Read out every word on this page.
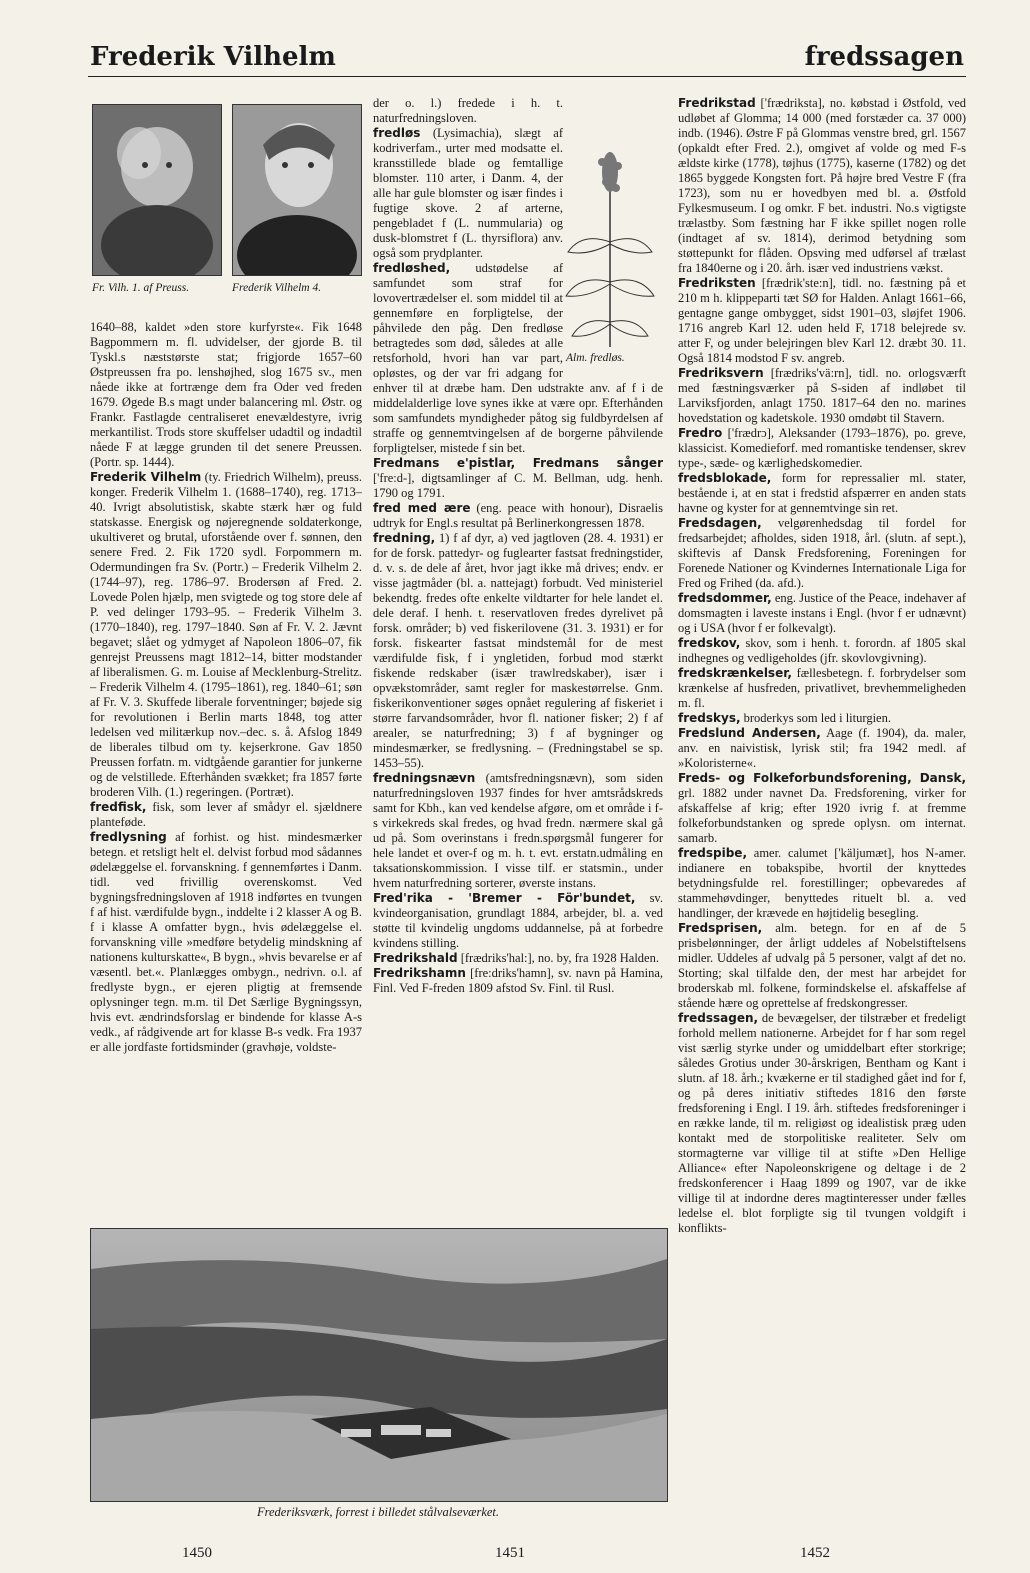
Frederik Vilhelm	fredssagen
Fr. Vilh. 1. af Preuss.	Frederik Vilhelm 4.

1640–88, kaldet »den store kurfyrste«. Fik 1648 Bagpommern m. fl. udvidelser, der gjorde B. til Tyskl.s næststørste stat; frigjorde 1657–60 Østpreussen fra po. lenshøjhed, slog 1675 sv., men nåede ikke at fortrænge dem fra Oder ved freden 1679. Øgede B.s magt under balancering ml. Østr. og Frankr. Fastlagde centraliseret enevældestyre, ivrig merkantilist. Trods store skuffelser udadtil og indadtil nåede F at lægge grunden til det senere Preussen. (Portr. sp. 1444).

Frederik Vilhelm (ty. Friedrich Wilhelm), preuss. konger. Frederik Vilhelm 1. (1688–1740), reg. 1713–40. Ivrigt absolutistisk, skabte stærk hær og fuld statskasse. Energisk og nøjeregnende soldaterkonge, ukultiveret og brutal, uforstående over f. sønnen, den senere Fred. 2. Fik 1720 sydl. Forpommern m. Odermundingen fra Sv. (Portr.) – Frederik Vilhelm 2. (1744–97), reg. 1786–97. Brodersøn af Fred. 2. Lovede Polen hjælp, men svigtede og tog store dele af P. ved delinger 1793–95. – Frederik Vilhelm 3. (1770–1840), reg. 1797–1840. Søn af Fr. V. 2. Jævnt begavet; slået og ydmyget af Napoleon 1806–07, fik genrejst Preussens magt 1812–14, bitter modstander af liberalismen. G. m. Louise af Mecklenburg-Strelitz. – Frederik Vilhelm 4. (1795–1861), reg. 1840–61; søn af Fr. V. 3. Skuffede liberale forventninger; bøjede sig for revolutionen i Berlin marts 1848, tog atter ledelsen ved militærkup nov.–dec. s. å. Afslog 1849 de liberales tilbud om ty. kejserkrone. Gav 1850 Preussen forfatn. m. vidtgående garantier for junkerne og de velstillede. Efterhånden svækket; fra 1857 førte broderen Vilh. (1.) regeringen. (Portræt).

fredfisk, fisk, som lever af smådyr el. sjældnere planteføde.

fredlysning af forhist. og hist. mindesmærker betegn. et retsligt helt el. delvist forbud mod sådannes ødelæggelse el. forvanskning. f gennemførtes i Danm. tidl. ved frivillig overenskomst. Ved bygningsfredningsloven af 1918 indførtes en tvungen f af hist. værdifulde bygn., inddelte i 2 klasser A og B. f i klasse A omfatter bygn., hvis ødelæggelse el. forvanskning ville »medføre betydelig mindskning af nationens kulturskatte«, B bygn., »hvis bevarelse er af væsentl. bet.«. Planlægges ombygn., nedrivn. o.l. af fredlyste bygn., er ejeren pligtig at fremsende oplysninger tegn. m.m. til Det Særlige Bygningssyn, hvis evt. ændrindsforslag er bindende for klasse A-s vedk., af rådgivende art for klasse B-s vedk. Fra 1937 er alle jordfaste fortidsminder (gravhøje, voldste-

der o. l.) fredede i h. t. naturfredningsloven.

fredløs (Lysimachia), slægt af kodriverfam., urter med modsatte el. kransstillede blade og femtallige blomster. 110 arter, i Danm. 4, der alle har gule blomster og især findes i fugtige skove. 2 af arterne, pengebladet f (L. nummularia) og dusk-blomstret f (L. thyrsiflora) anv. også som prydplanter.

fredløshed, udstødelse af samfundet som straf for lovovertrædelser el. som middel til at gennemføre en forpligtelse, der påhvilede den påg. Den fredløse betragtedes som død, således at alle retsforhold, hvori han var part, opløstes, og der var fri adgang for enhver til at dræbe ham. Den udstrakte anv. af f i de middelalderlige love synes ikke at være opr. Efterhånden som samfundets myndigheder påtog sig fuldbyrdelsen af straffe og gennemtvingelsen af de borgerne påhvilende forpligtelser, mistede f sin bet.

Fredmans e'pistlar, Fredmans sånger ['fre:d-], digtsamlinger af C. M. Bellman, udg. henh. 1790 og 1791.

fred med ære (eng. peace with honour), Disraelis udtryk for Engl.s resultat på Berlinerkongressen 1878.

fredning, 1) f af dyr, a) ved jagtloven (28. 4. 1931) er for de forsk. pattedyr- og fuglearter fastsat fredningstider, d. v. s. de dele af året, hvor jagt ikke må drives; endv. er visse jagtmåder (bl. a. nattejagt) forbudt. Ved ministeriel bekendtg. fredes ofte enkelte vildtarter for hele landet el. dele deraf. I henh. t. reservatloven fredes dyrelivet på forsk. områder; b) ved fiskerilovene (31. 3. 1931) er for forsk. fiskearter fastsat mindstemål for de mest værdifulde fisk, f i yngletiden, forbud mod stærkt fiskende redskaber (især trawlredskaber), især i opvækstområder, samt regler for maskestørrelse. Gnm. fiskerikonventioner søges opnået regulering af fiskeriet i større farvandsområder, hvor fl. nationer fisker; 2) f af arealer, se naturfredning; 3) f af bygninger og mindesmærker, se fredlysning. – (Fredningstabel se sp. 1453–55).

fredningsnævn (amtsfredningsnævn), som siden naturfredningsloven 1937 findes for hver amtsrådskreds samt for Kbh., kan ved kendelse afgøre, om et område i f-s virkekreds skal fredes, og hvad fredn. nærmere skal gå ud på. Som overinstans i fredn.spørgsmål fungerer for hele landet et over-f og m. h. t. evt. erstatn.udmåling en taksationskommission. I visse tilf. er statsmin., under hvem naturfredning sorterer, øverste instans.

Fred'rika - 'Bremer - För'bundet, sv. kvindeorganisation, grundlagt 1884, arbejder, bl. a. ved støtte til kvindelig ungdoms uddannelse, på at forbedre kvindens stilling.

Fredrikshald [frædriks'hal:], no. by, fra 1928 Halden.

Fredrikshamn [fre:driks'hamn], sv. navn på Hamina, Finl. Ved F-freden 1809 afstod Sv. Finl. til Rusl.

Alm. fredløs.

Fredrikstad ['frædriksta], no. købstad i Østfold, ved udløbet af Glomma; 14 000 (med forstæder ca. 37 000) indb. (1946). Østre F på Glommas venstre bred, grl. 1567 (opkaldt efter Fred. 2.), omgivet af volde og med F-s ældste kirke (1778), tøjhus (1775), kaserne (1782) og det 1865 byggede Kongsten fort. På højre bred Vestre F (fra 1723), som nu er hovedbyen med bl. a. Østfold Fylkesmuseum. I og omkr. F bet. industri. No.s vigtigste trælastby. Som fæstning har F ikke spillet nogen rolle (indtaget af sv. 1814), derimod betydning som støttepunkt for flåden. Opsving med udførsel af trælast fra 1840erne og i 20. årh. især ved industriens vækst.

Fredriksten [frædrik'ste:n], tidl. no. fæstning på et 210 m h. klippeparti tæt SØ for Halden. Anlagt 1661–66, gentagne gange ombygget, sidst 1901–03, sløjfet 1906. 1716 angreb Karl 12. uden held F, 1718 belejrede sv. atter F, og under belejringen blev Karl 12. dræbt 30. 11. Også 1814 modstod F sv. angreb.

Fredriksvern [frædriks'vä:rn], tidl. no. orlogsværft med fæstningsværker på S-siden af indløbet til Larviksfjorden, anlagt 1750. 1817–64 den no. marines hovedstation og kadetskole. 1930 omdøbt til Stavern.

Fredro ['frædrɔ], Aleksander (1793–1876), po. greve, klassicist. Komedieforf. med romantiske tendenser, skrev type-, sæde- og kærlighedskomedier.

fredsblokade, form for repressalier ml. stater, bestående i, at en stat i fredstid afspærrer en anden stats havne og kyster for at gennemtvinge sin ret.

Fredsdagen, velgørenhedsdag til fordel for fredsarbejdet; afholdes, siden 1918, årl. (slutn. af sept.), skiftevis af Dansk Fredsforening, Foreningen for Forenede Nationer og Kvindernes Internationale Liga for Fred og Frihed (da. afd.).

fredsdommer, eng. Justice of the Peace, indehaver af domsmagten i laveste instans i Engl. (hvor f er udnævnt) og i USA (hvor f er folkevalgt).

fredskov, skov, som i henh. t. forordn. af 1805 skal indhegnes og vedligeholdes (jfr. skovlovgivning).

fredskrænkelser, fællesbetegn. f. forbrydelser som krænkelse af husfreden, privatlivet, brevhemmeligheden m. fl.

fredskys, broderkys som led i liturgien.

Fredslund Andersen, Aage (f. 1904), da. maler, anv. en naivistisk, lyrisk stil; fra 1942 medl. af »Koloristerne«.

Freds- og Folkeforbundsforening, Dansk, grl. 1882 under navnet Da. Fredsforening, virker for afskaffelse af krig; efter 1920 ivrig f. at fremme folkeforbundstanken og sprede oplysn. om internat. samarb.

fredspibe, amer. calumet ['käljumæt], hos N-amer. indianere en tobakspibe, hvortil der knyttedes betydningsfulde rel. forestillinger; opbevaredes af stammehøvdinger, benyttedes rituelt bl. a. ved handlinger, der krævede en højtidelig besegling.

Fredsprisen, alm. betegn. for en af de 5 prisbelønninger, der årligt uddeles af Nobelstiftelsens midler. Uddeles af udvalg på 5 personer, valgt af det no. Storting; skal tilfalde den, der mest har arbejdet for broderskab ml. folkene, formindskelse el. afskaffelse af stående hære og oprettelse af fredskongresser.

fredssagen, de bevægelser, der tilstræber et fredeligt forhold mellem nationerne. Arbejdet for f har som regel vist særlig styrke under og umiddelbart efter storkrige; således Grotius under 30-årskrigen, Bentham og Kant i slutn. af 18. årh.; kvækerne er til stadighed gået ind for f, og på deres initiativ stiftedes 1816 den første fredsforening i Engl. I 19. årh. stiftedes fredsforeninger i en række lande, til m. religiøst og idealistisk præg uden kontakt med de storpolitiske realiteter. Selv om stormagterne var villige til at stifte »Den Hellige Alliance« efter Napoleonskrigene og deltage i de 2 fredskonferencer i Haag 1899 og 1907, var de ikke villige til at indordne deres magtinteresser under fælles ledelse el. blot forpligte sig til tvungen voldgift i konflikts-

Frederiksværk, forrest i billedet stålvalseværket.
1450	1451	1452
